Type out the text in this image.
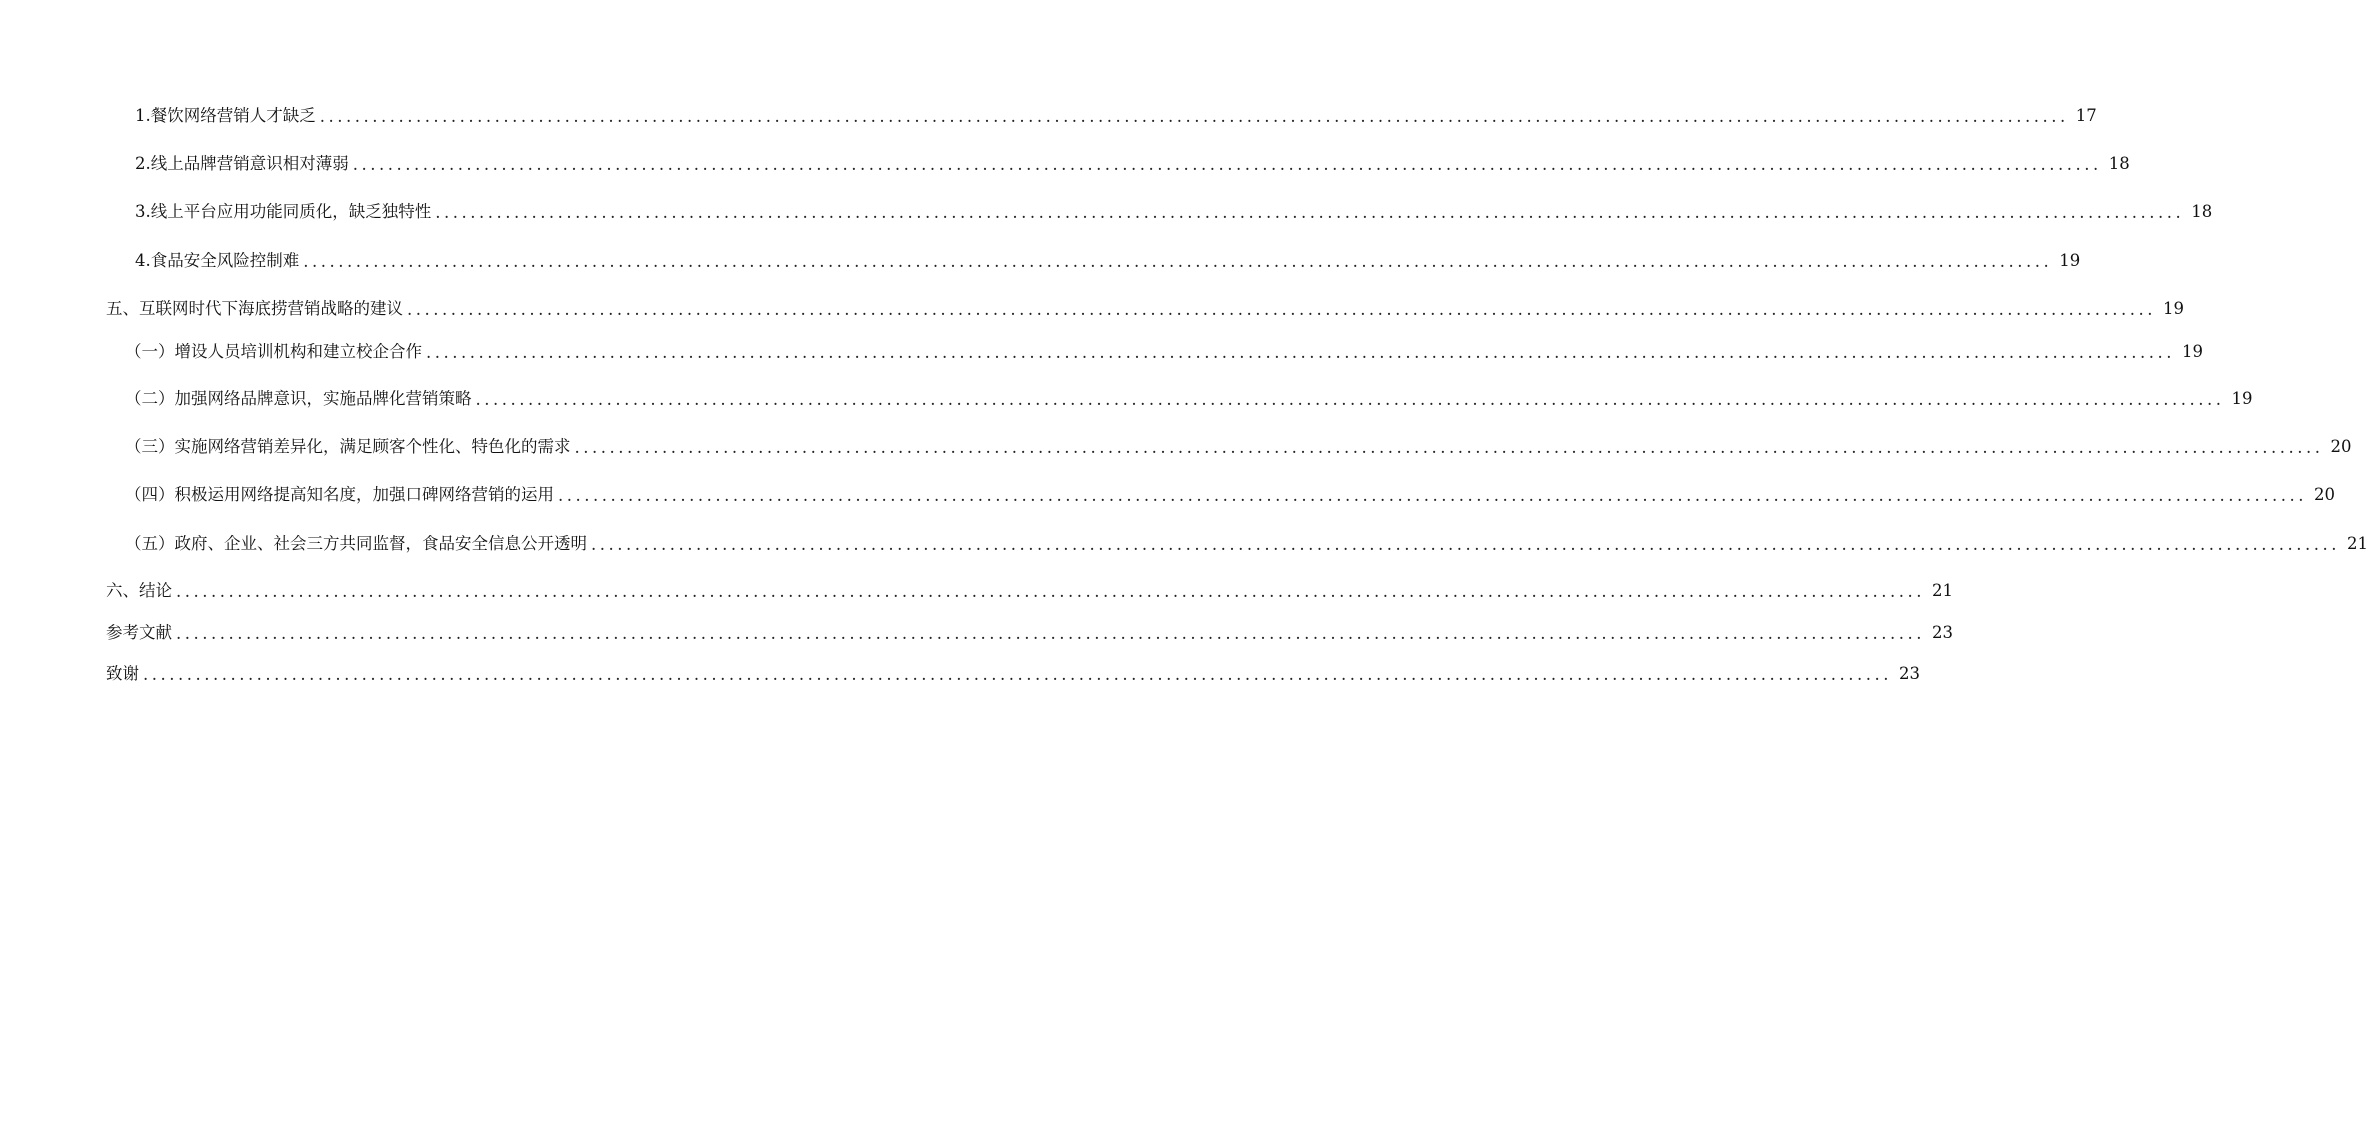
1.餐饮网络营销人才缺乏 ........................................................................................................................................................................................................ 17
2.线上品牌营销意识相对薄弱 ........................................................................................................................................................................................................ 18
3.线上平台应用功能同质化，缺乏独特性 ........................................................................................................................................................................................................ 18
4.食品安全风险控制难 ........................................................................................................................................................................................................ 19
五、互联网时代下海底捞营销战略的建议 ........................................................................................................................................................................................................ 19
（一）增设人员培训机构和建立校企合作 ........................................................................................................................................................................................................ 19
（二）加强网络品牌意识，实施品牌化营销策略 ........................................................................................................................................................................................................ 19
（三）实施网络营销差异化，满足顾客个性化、特色化的需求 ........................................................................................................................................................................................................ 20
（四）积极运用网络提高知名度，加强口碑网络营销的运用 ........................................................................................................................................................................................................ 20
（五）政府、企业、社会三方共同监督，食品安全信息公开透明 ........................................................................................................................................................................................................ 21
六、结论 ........................................................................................................................................................................................................ 21
参考文献 ........................................................................................................................................................................................................ 23
致谢 ........................................................................................................................................................................................................ 23
